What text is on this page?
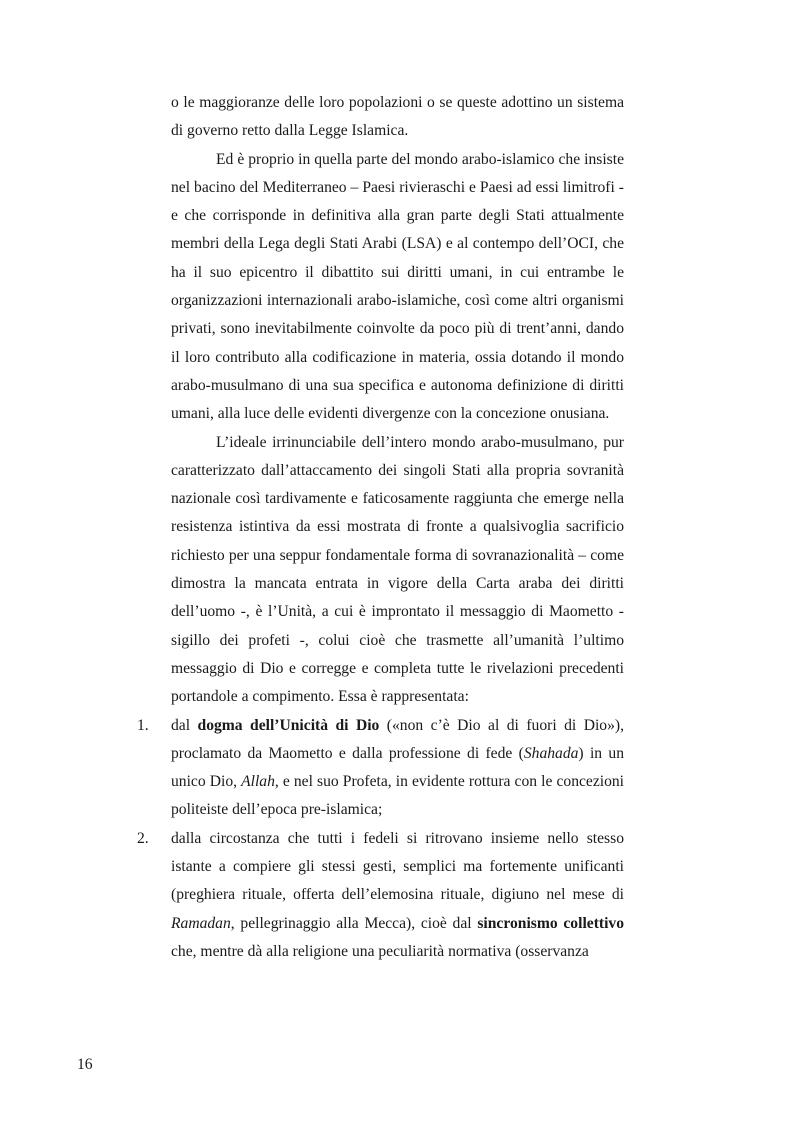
o le maggioranze delle loro popolazioni o se queste adottino un sistema di governo retto dalla Legge Islamica.

Ed è proprio in quella parte del mondo arabo-islamico che insiste nel bacino del Mediterraneo – Paesi rivieraschi e Paesi ad essi limitrofi - e che corrisponde in definitiva alla gran parte degli Stati attualmente membri della Lega degli Stati Arabi (LSA) e al contempo dell’OCI, che ha il suo epicentro il dibattito sui diritti umani, in cui entrambe le organizzazioni internazionali arabo-islamiche, così come altri organismi privati, sono inevitabilmente coinvolte da poco più di trent’anni, dando il loro contributo alla codificazione in materia, ossia dotando il mondo arabo-musulmano di una sua specifica e autonoma definizione di diritti umani, alla luce delle evidenti divergenze con la concezione onusiana.

L’ideale irrinunciabile dell’intero mondo arabo-musulmano, pur caratterizzato dall’attaccamento dei singoli Stati alla propria sovranità nazionale così tardivamente e faticosamente raggiunta che emerge nella resistenza istintiva da essi mostrata di fronte a qualsivoglia sacrificio richiesto per una seppur fondamentale forma di sovranazionalità – come dimostra la mancata entrata in vigore della Carta araba dei diritti dell’uomo -, è l’Unità, a cui è improntato il messaggio di Maometto - sigillo dei profeti -, colui cioè che trasmette all’umanità l’ultimo messaggio di Dio e corregge e completa tutte le rivelazioni precedenti portandole a compimento. Essa è rappresentata:

1. dal dogma dell’Unicità di Dio («non c’è Dio al di fuori di Dio»), proclamato da Maometto e dalla professione di fede (Shahada) in un unico Dio, Allah, e nel suo Profeta, in evidente rottura con le concezioni politeiste dell’epoca pre-islamica;
2. dalla circostanza che tutti i fedeli si ritrovano insieme nello stesso istante a compiere gli stessi gesti, semplici ma fortemente unificanti (preghiera rituale, offerta dell’elemosina rituale, digiuno nel mese di Ramadan, pellegrinaggio alla Mecca), cioè dal sincronismo collettivo che, mentre dà alla religione una peculiarità normativa (osservanza
16
